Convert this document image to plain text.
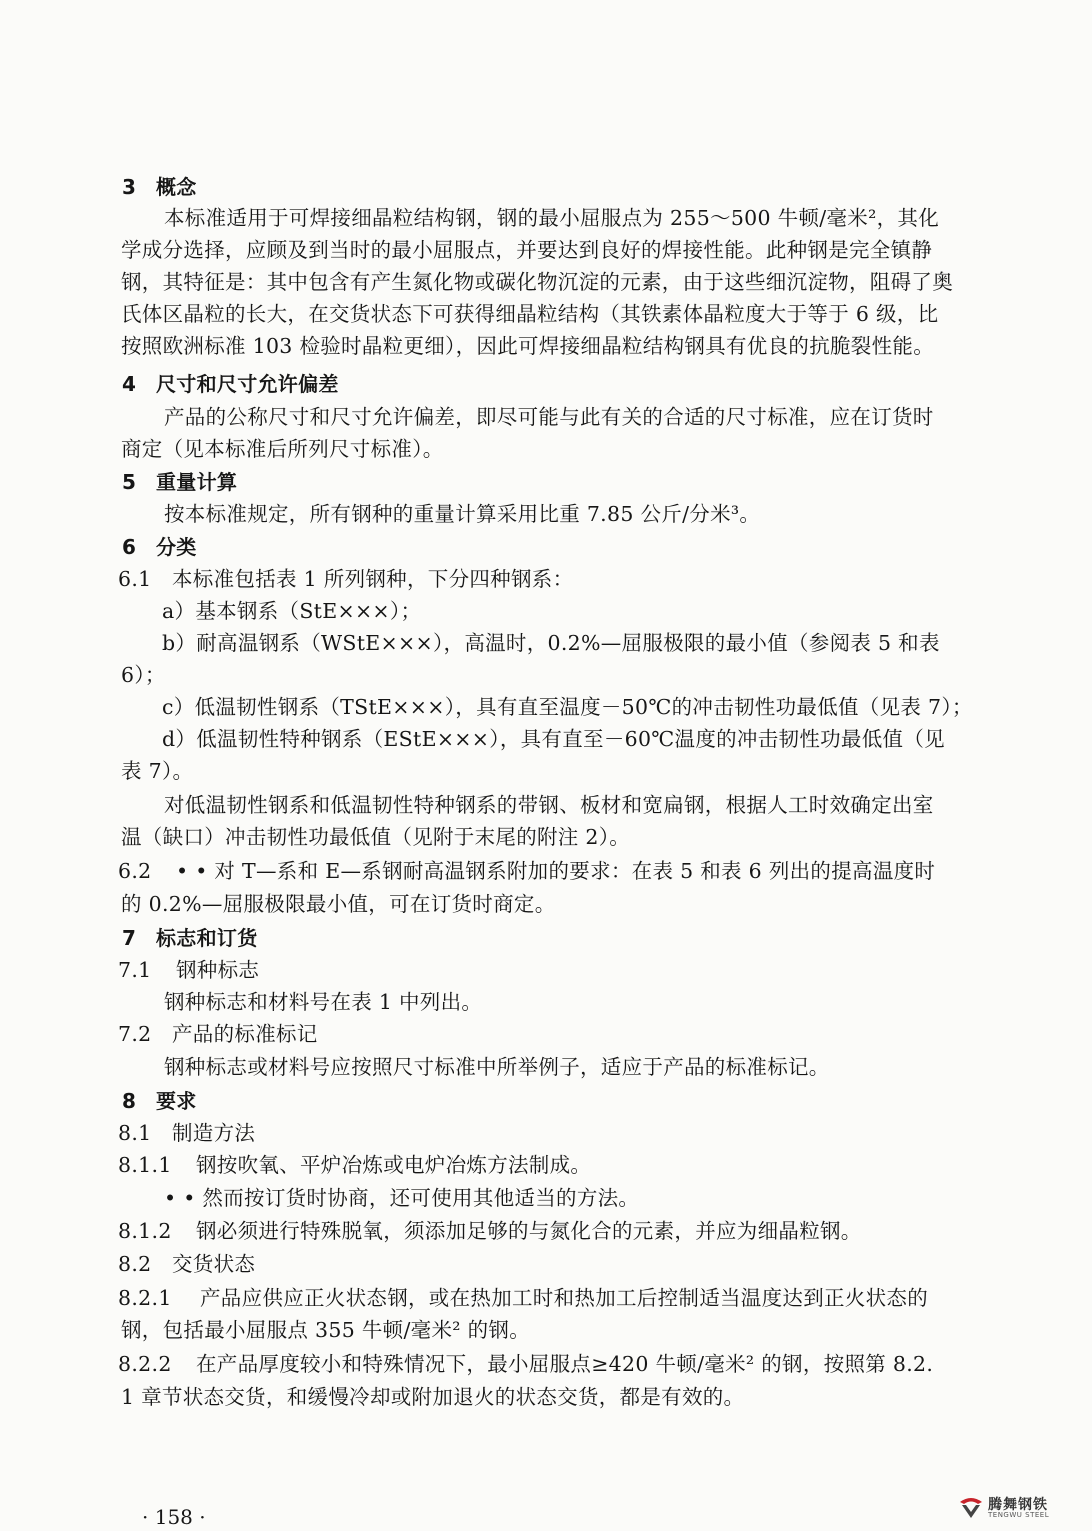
3 概念
本标准适用于可焊接细晶粒结构钢，钢的最小屈服点为 255～500 牛顿/毫米²，其化
学成分选择，应顾及到当时的最小屈服点，并要达到良好的焊接性能。此种钢是完全镇静
钢，其特征是：其中包含有产生氮化物或碳化物沉淀的元素，由于这些细沉淀物，阻碍了奥
氏体区晶粒的长大，在交货状态下可获得细晶粒结构（其铁素体晶粒度大于等于 6 级，比
按照欧洲标准 103 检验时晶粒更细），因此可焊接细晶粒结构钢具有优良的抗脆裂性能。
4 尺寸和尺寸允许偏差
产品的公称尺寸和尺寸允许偏差，即尽可能与此有关的合适的尺寸标准，应在订货时
商定（见本标准后所列尺寸标准）。
5 重量计算
按本标准规定，所有钢种的重量计算采用比重 7.85 公斤/分米³。
6 分类
6.1 本标准包括表 1 所列钢种，下分四种钢系：
a）基本钢系（StE×××）；
b）耐高温钢系（WStE×××），高温时，0.2%—屈服极限的最小值（参阅表 5 和表
6）；
c）低温韧性钢系（TStE×××），具有直至温度－50℃的冲击韧性功最低值（见表 7）；
d）低温韧性特种钢系（EStE×××），具有直至－60℃温度的冲击韧性功最低值（见
表 7）。
对低温韧性钢系和低温韧性特种钢系的带钢、板材和宽扁钢，根据人工时效确定出室
温（缺口）冲击韧性功最低值（见附于末尾的附注 2）。
6.2 • • 对 T—系和 E—系钢耐高温钢系附加的要求：在表 5 和表 6 列出的提高温度时
的 0.2%—屈服极限最小值，可在订货时商定。
7 标志和订货
7.1 钢种标志
钢种标志和材料号在表 1 中列出。
7.2 产品的标准标记
钢种标志或材料号应按照尺寸标准中所举例子，适应于产品的标准标记。
8 要求
8.1 制造方法
8.1.1 钢按吹氧、平炉冶炼或电炉冶炼方法制成。
• • 然而按订货时协商，还可使用其他适当的方法。
8.1.2 钢必须进行特殊脱氧，须添加足够的与氮化合的元素，并应为细晶粒钢。
8.2 交货状态
8.2.1 产品应供应正火状态钢，或在热加工时和热加工后控制适当温度达到正火状态的
钢，包括最小屈服点 355 牛顿/毫米² 的钢。
8.2.2 在产品厚度较小和特殊情况下，最小屈服点≥420 牛顿/毫米² 的钢，按照第 8.2.
1 章节状态交货，和缓慢冷却或附加退火的状态交货，都是有效的。
· 158 ·
腾舞钢铁
TENGWU STEEL
